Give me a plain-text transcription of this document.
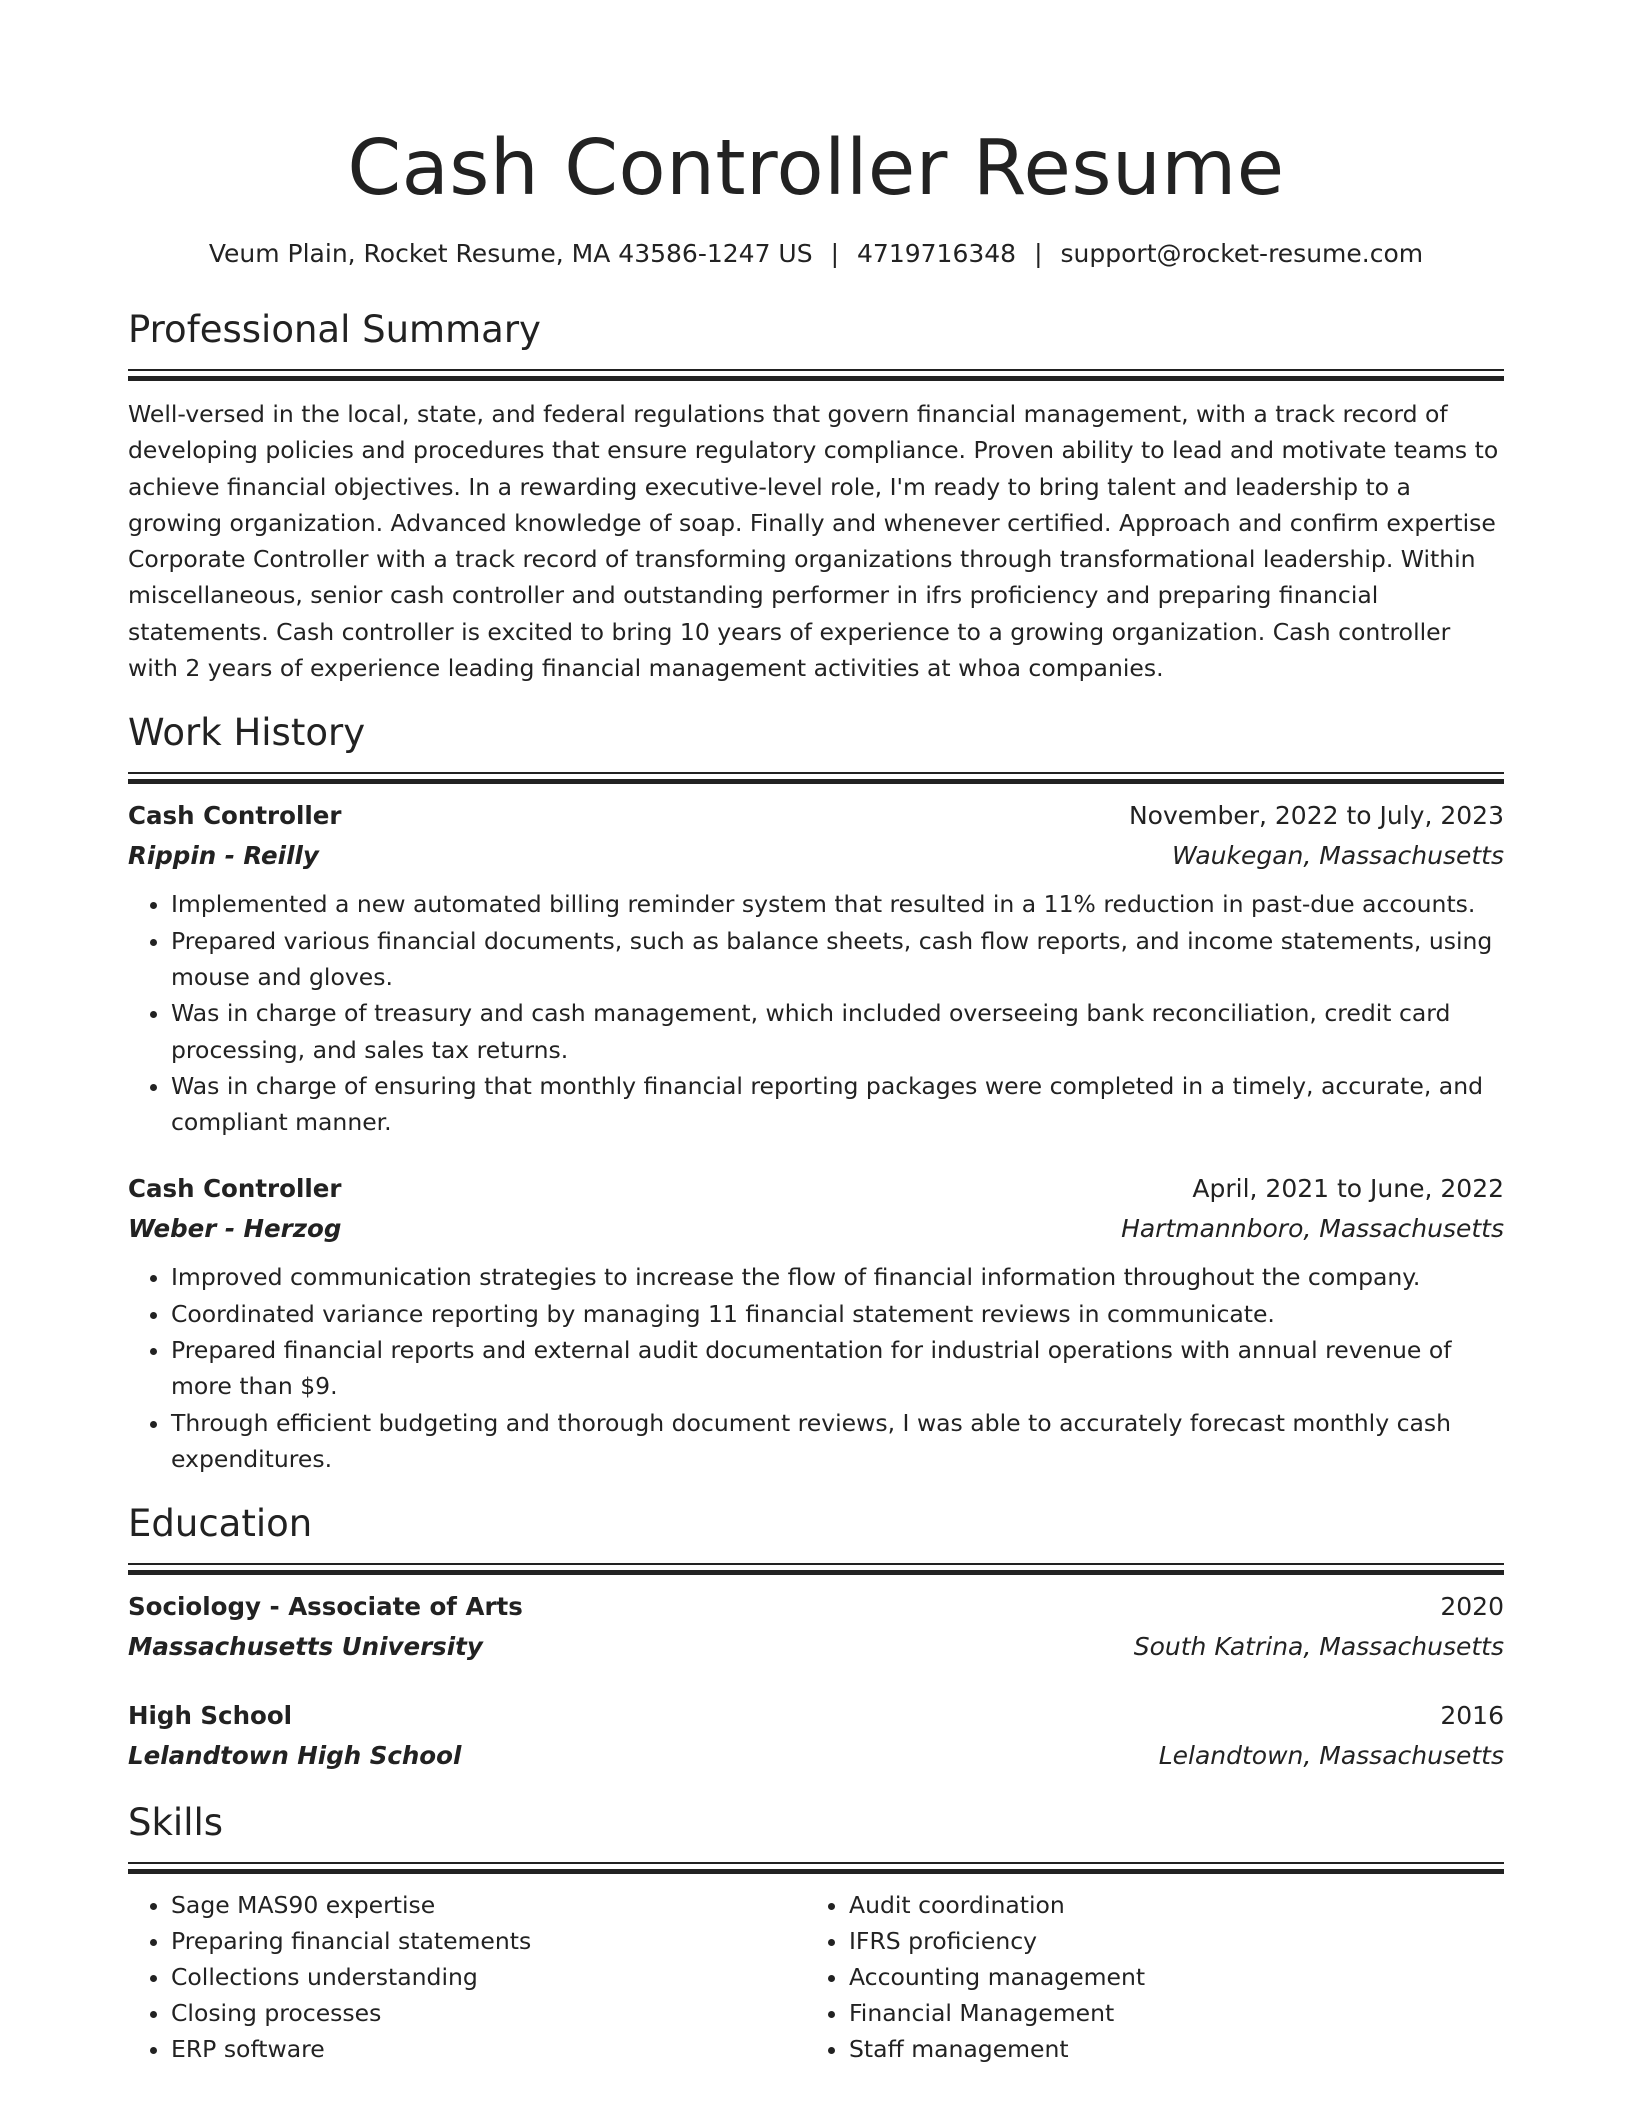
Cash Controller Resume
Veum Plain, Rocket Resume, MA 43586-1247 US | 4719716348 | support@rocket-resume.com
Professional Summary
Well-versed in the local, state, and federal regulations that govern financial management, with a track record of developing policies and procedures that ensure regulatory compliance. Proven ability to lead and motivate teams to achieve financial objectives. In a rewarding executive-level role, I'm ready to bring talent and leadership to a growing organization. Advanced knowledge of soap. Finally and whenever certified. Approach and confirm expertise Corporate Controller with a track record of transforming organizations through transformational leadership. Within miscellaneous, senior cash controller and outstanding performer in ifrs proficiency and preparing financial statements. Cash controller is excited to bring 10 years of experience to a growing organization. Cash controller with 2 years of experience leading financial management activities at whoa companies.
Work History
Cash Controller	November, 2022 to July, 2023
Rippin - Reilly	Waukegan, Massachusetts
• Implemented a new automated billing reminder system that resulted in a 11% reduction in past-due accounts.
• Prepared various financial documents, such as balance sheets, cash flow reports, and income statements, using mouse and gloves.
• Was in charge of treasury and cash management, which included overseeing bank reconciliation, credit card processing, and sales tax returns.
• Was in charge of ensuring that monthly financial reporting packages were completed in a timely, accurate, and compliant manner.
Cash Controller	April, 2021 to June, 2022
Weber - Herzog	Hartmannboro, Massachusetts
• Improved communication strategies to increase the flow of financial information throughout the company.
• Coordinated variance reporting by managing 11 financial statement reviews in communicate.
• Prepared financial reports and external audit documentation for industrial operations with annual revenue of more than $9.
• Through efficient budgeting and thorough document reviews, I was able to accurately forecast monthly cash expenditures.
Education
Sociology - Associate of Arts	2020
Massachusetts University	South Katrina, Massachusetts
High School	2016
Lelandtown High School	Lelandtown, Massachusetts
Skills
• Sage MAS90 expertise
• Preparing financial statements
• Collections understanding
• Closing processes
• ERP software
• Audit coordination
• IFRS proficiency
• Accounting management
• Financial Management
• Staff management
